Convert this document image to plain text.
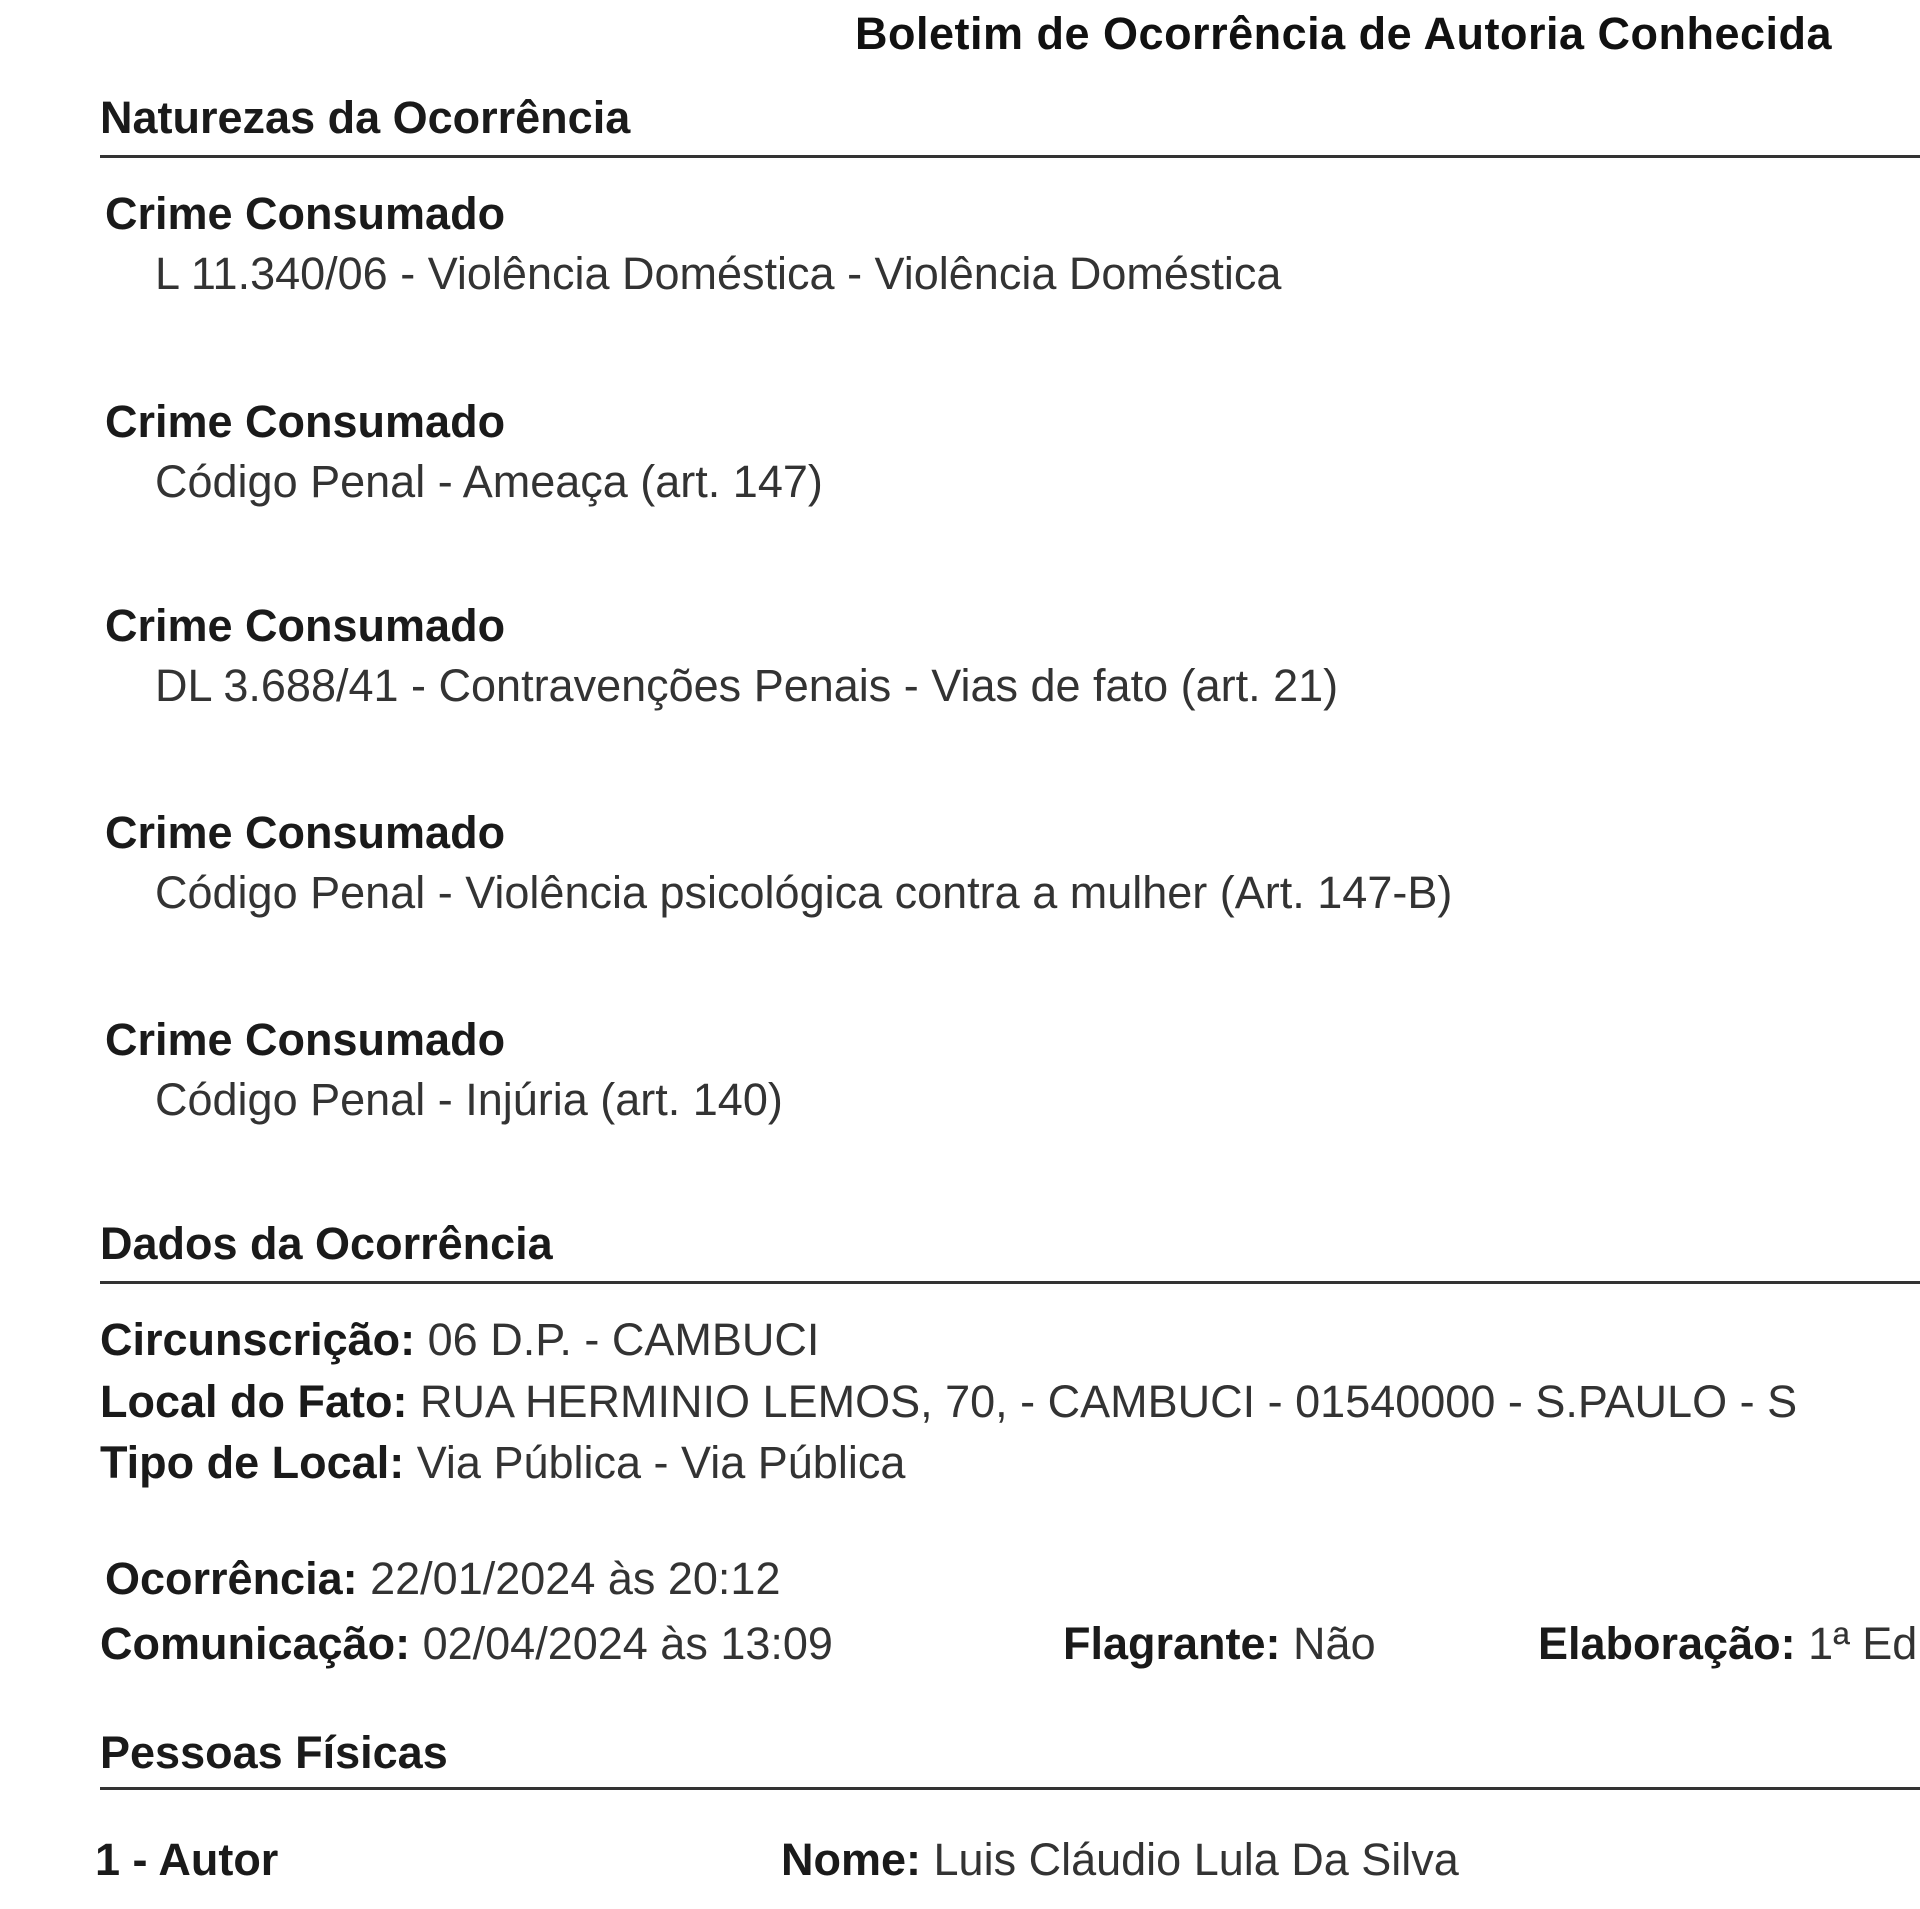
Boletim de Ocorrência de Autoria Conhecida
Naturezas da Ocorrência
Crime Consumado
L 11.340/06 - Violência Doméstica - Violência Doméstica
Crime Consumado
Código Penal - Ameaça (art. 147)
Crime Consumado
DL 3.688/41 - Contravenções Penais - Vias de fato (art. 21)
Crime Consumado
Código Penal - Violência psicológica contra a mulher (Art. 147-B)
Crime Consumado
Código Penal - Injúria (art. 140)
Dados da Ocorrência
Circunscrição: 06 D.P. - CAMBUCI
Local do Fato: RUA HERMINIO LEMOS, 70, - CAMBUCI - 01540000 - S.PAULO - S
Tipo de Local: Via Pública - Via Pública
Ocorrência: 22/01/2024 às 20:12
Comunicação: 02/04/2024 às 13:09	Flagrante: Não	Elaboração: 1ª Ed
Pessoas Físicas
1 - Autor	Nome: Luis Cláudio Lula Da Silva
